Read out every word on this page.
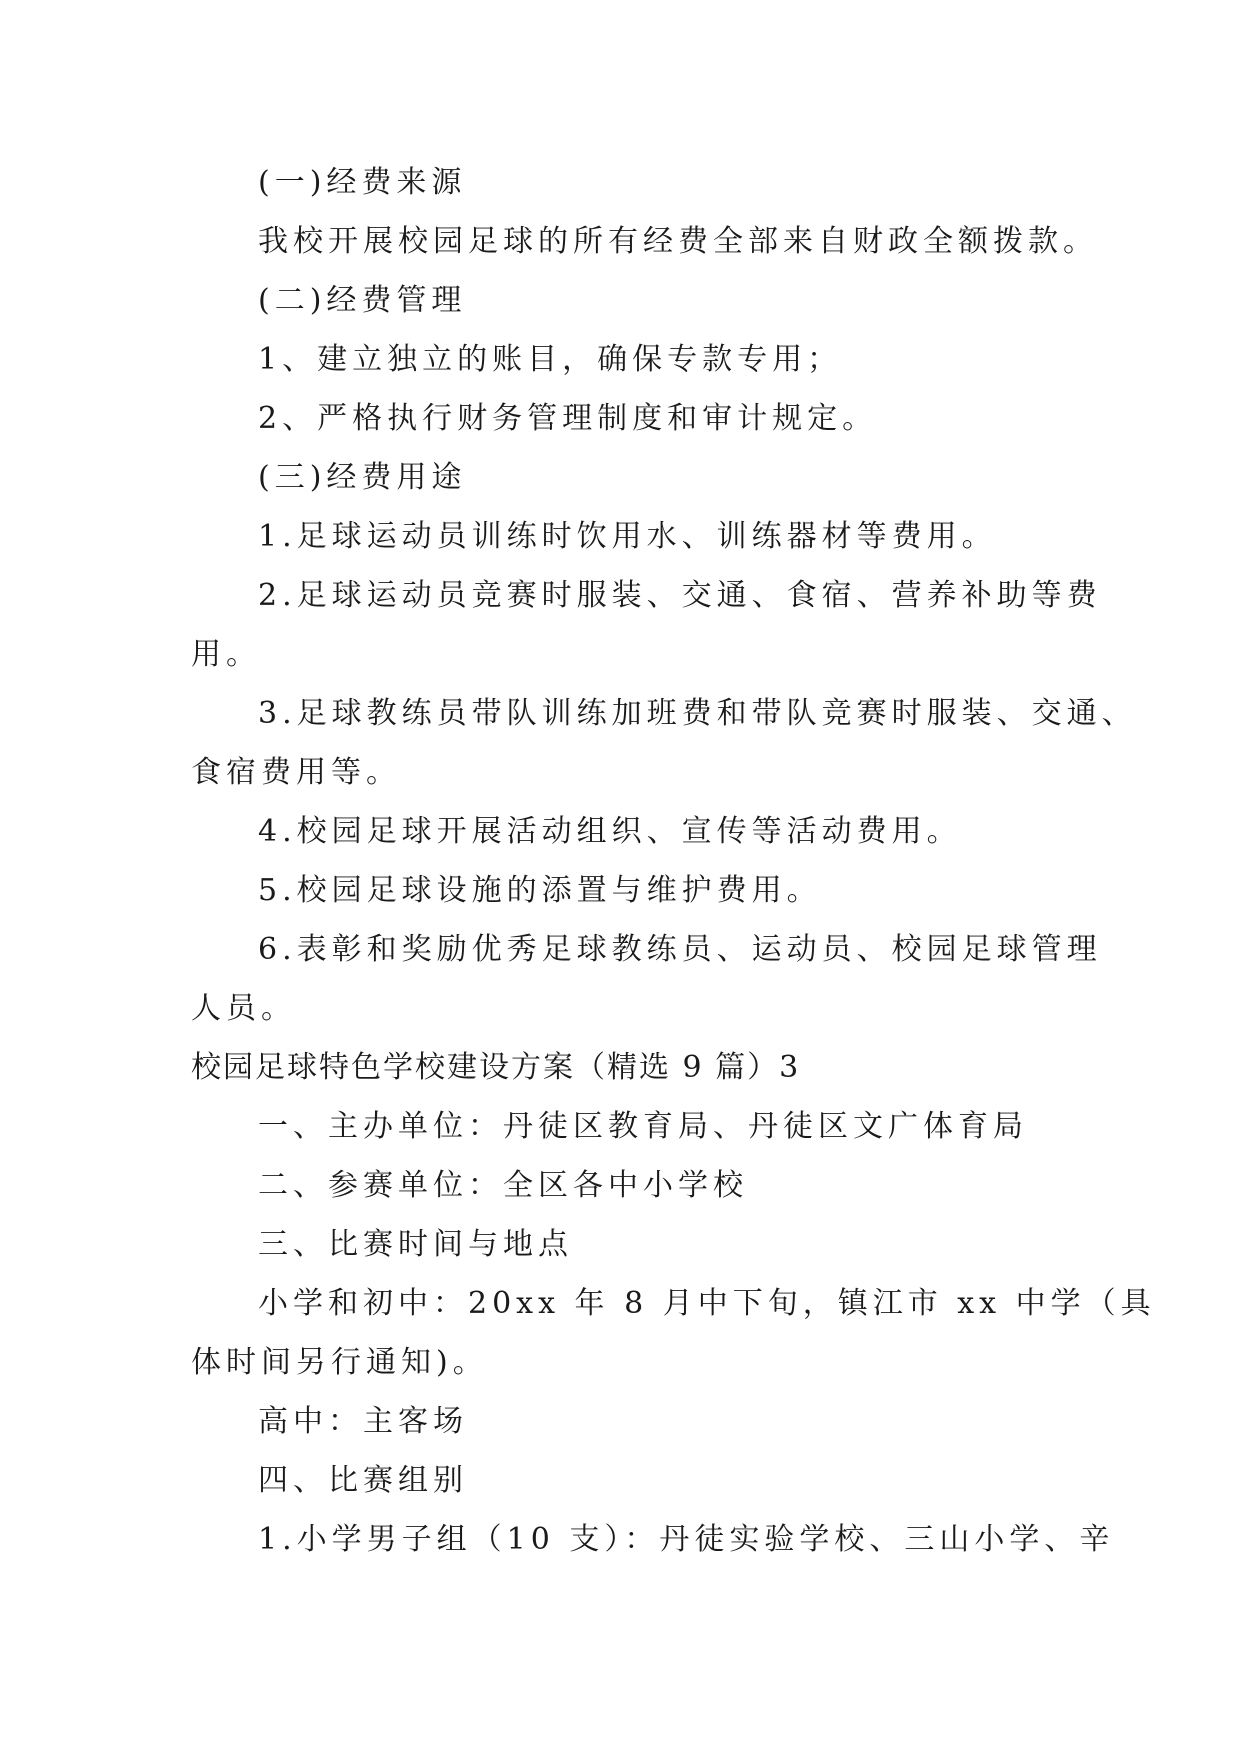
(一)经费来源
我校开展校园足球的所有经费全部来自财政全额拨款。
(二)经费管理
1、建立独立的账目，确保专款专用；
2、严格执行财务管理制度和审计规定。
(三)经费用途
1.足球运动员训练时饮用水、训练器材等费用。
2.足球运动员竞赛时服装、交通、食宿、营养补助等费
用。
3.足球教练员带队训练加班费和带队竞赛时服装、交通、
食宿费用等。
4.校园足球开展活动组织、宣传等活动费用。
5.校园足球设施的添置与维护费用。
6.表彰和奖励优秀足球教练员、运动员、校园足球管理
人员。
校园足球特色学校建设方案（精选 9 篇）3
一、主办单位：丹徒区教育局、丹徒区文广体育局
二、参赛单位：全区各中小学校
三、比赛时间与地点
小学和初中：20xx 年 8 月中下旬，镇江市 xx 中学（具
体时间另行通知)。
高中：主客场
四、比赛组别
1.小学男子组（10 支）：丹徒实验学校、三山小学、辛
